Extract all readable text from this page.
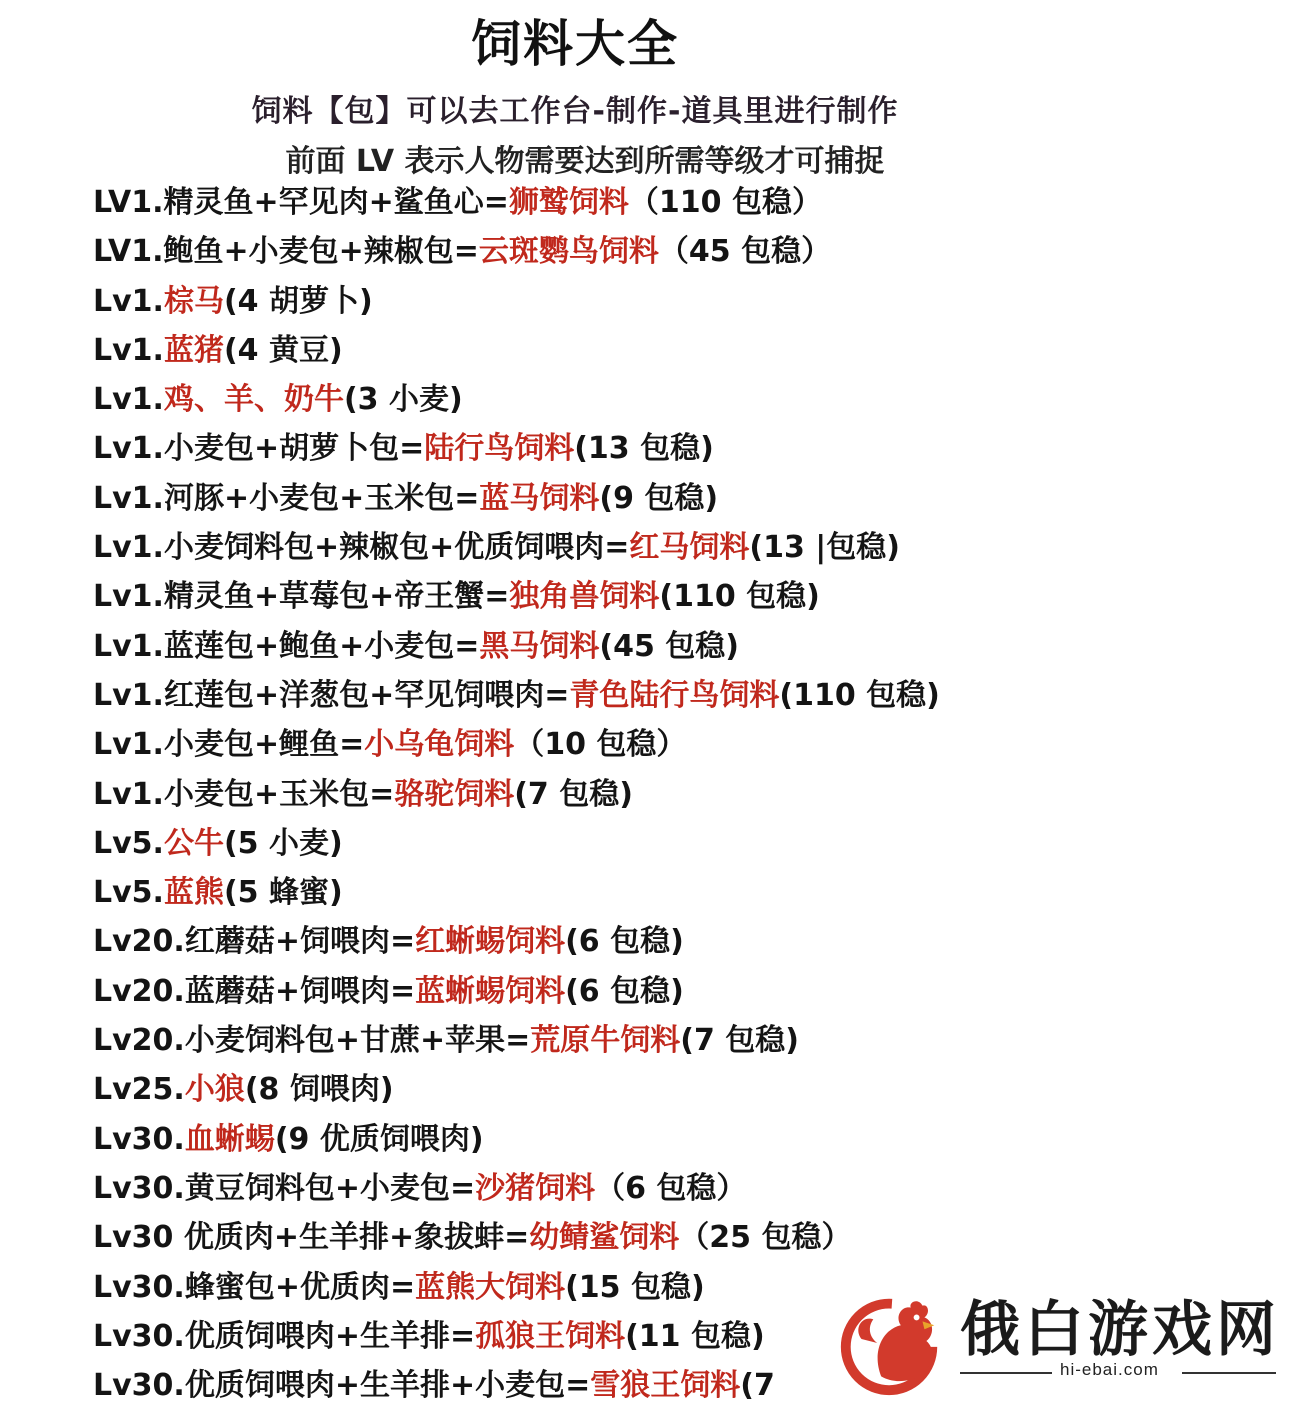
饲料大全
饲料【包】可以去工作台-制作-道具里进行制作
前面 LV 表示人物需要达到所需等级才可捕捉
LV1.精灵鱼+罕见肉+鲨鱼心=狮鹫饲料（110 包稳）
LV1.鲍鱼+小麦包+辣椒包=云斑鹦鸟饲料（45 包稳）
Lv1.棕马(4 胡萝卜)
Lv1.蓝猪(4 黄豆)
Lv1.鸡、羊、奶牛(3 小麦)
Lv1.小麦包+胡萝卜包=陆行鸟饲料(13 包稳)
Lv1.河豚+小麦包+玉米包=蓝马饲料(9 包稳)
Lv1.小麦饲料包+辣椒包+优质饲喂肉=红马饲料(13 |包稳)
Lv1.精灵鱼+草莓包+帝王蟹=独角兽饲料(110 包稳)
Lv1.蓝莲包+鲍鱼+小麦包=黑马饲料(45 包稳)
Lv1.红莲包+洋葱包+罕见饲喂肉=青色陆行鸟饲料(110 包稳)
Lv1.小麦包+鲤鱼=小乌龟饲料（10 包稳）
Lv1.小麦包+玉米包=骆驼饲料(7 包稳)
Lv5.公牛(5 小麦)
Lv5.蓝熊(5 蜂蜜)
Lv20.红蘑菇+饲喂肉=红蜥蜴饲料(6 包稳)
Lv20.蓝蘑菇+饲喂肉=蓝蜥蜴饲料(6 包稳)
Lv20.小麦饲料包+甘蔗+苹果=荒原牛饲料(7 包稳)
Lv25.小狼(8 饲喂肉)
Lv30.血蜥蜴(9 优质饲喂肉)
Lv30.黄豆饲料包+小麦包=沙猪饲料（6 包稳）
Lv30 优质肉+生羊排+象拔蚌=幼鲭鲨饲料（25 包稳）
Lv30.蜂蜜包+优质肉=蓝熊大饲料(15 包稳)
Lv30.优质饲喂肉+生羊排=孤狼王饲料(11 包稳)
Lv30.优质饲喂肉+生羊排+小麦包=雪狼王饲料(7
俄白游戏网
hi-ebai.com
